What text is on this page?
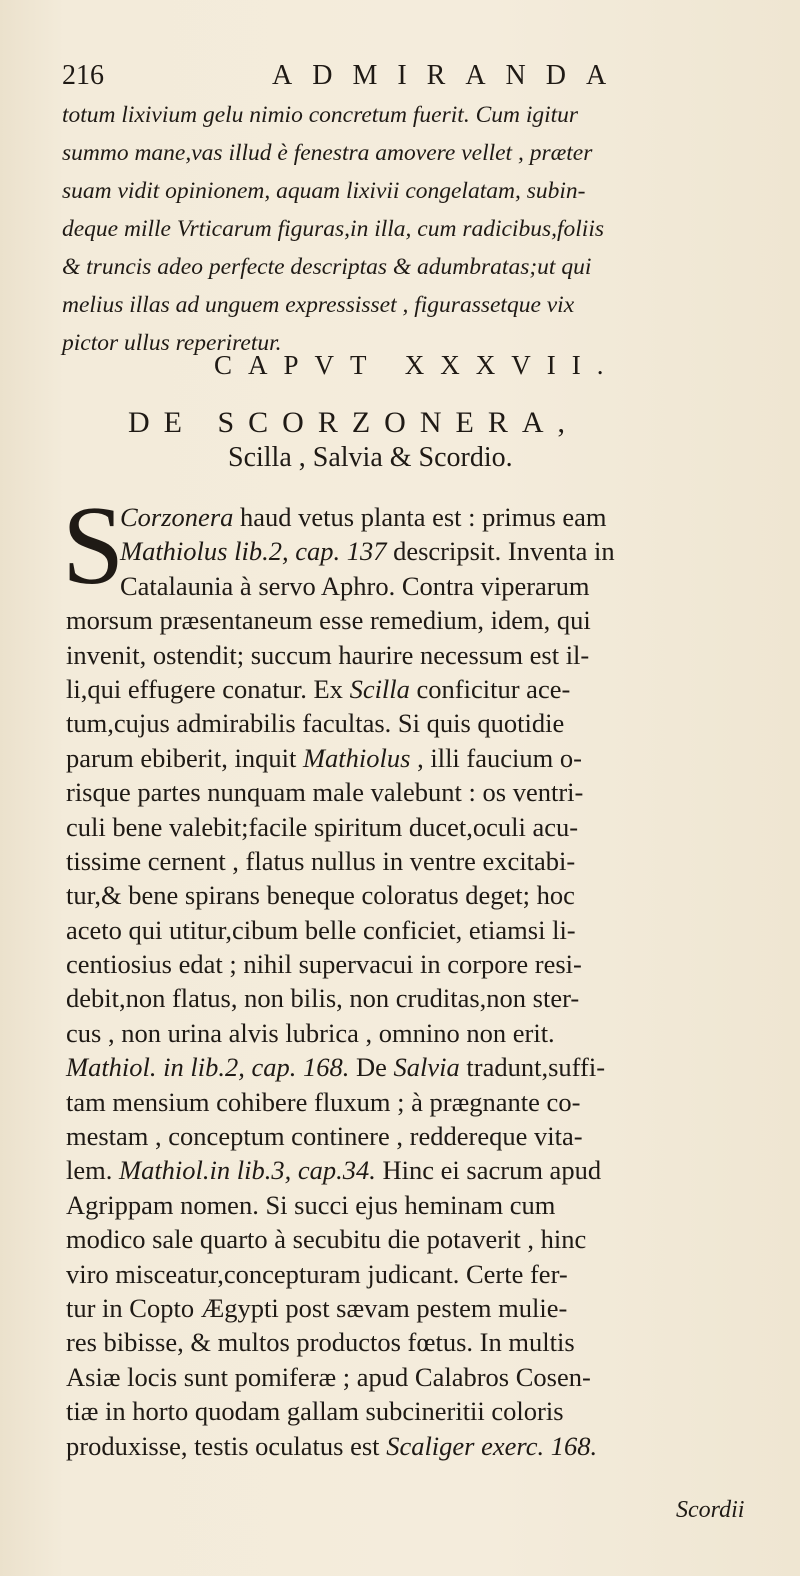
216	ADMIRANDA
totum lixivium gelu nimio concretum fuerit. Cum igitur
summo mane,vas illud è fenestra amovere vellet , præter
suam vidit opinionem, aquam lixivii congelatam, subin-
deque mille Vrticarum figuras,in illa, cum radicibus,foliis
& truncis adeo perfecte descriptas & adumbratas;ut qui
melius illas ad unguem expressisset , figurassetque vix
pictor ullus reperiretur.
CAPVT XXXVII.
DE SCORZONERA,
Scilla , Salvia & Scordio.
S
Corzonera haud vetus planta est : primus eam
Mathiolus lib.2, cap. 137 descripsit. Inventa in
Catalaunia à servo Aphro. Contra viperarum
morsum præsentaneum esse remedium, idem, qui
invenit, ostendit; succum haurire necessum est il-
li,qui effugere conatur. Ex Scilla conficitur ace-
tum,cujus admirabilis facultas. Si quis quotidie
parum ebiberit, inquit Mathiolus , illi faucium o-
risque partes nunquam male valebunt : os ventri-
culi bene valebit;facile spiritum ducet,oculi acu-
tissime cernent , flatus nullus in ventre excitabi-
tur,& bene spirans beneque coloratus deget; hoc
aceto qui utitur,cibum belle conficiet, etiamsi li-
centiosius edat ; nihil supervacui in corpore resi-
debit,non flatus, non bilis, non cruditas,non ster-
cus , non urina alvis lubrica , omnino non erit.
Mathiol. in lib.2, cap. 168. De Salvia tradunt,suffi-
tam mensium cohibere fluxum ; à prægnante co-
mestam , conceptum continere , reddereque vita-
lem. Mathiol.in lib.3, cap.34. Hinc ei sacrum apud
Agrippam nomen. Si succi ejus heminam cum
modico sale quarto à secubitu die potaverit , hinc
viro misceatur,concepturam judicant. Certe fer-
tur in Copto Ægypti post sævam pestem mulie-
res bibisse, & multos productos fœtus. In multis
Asiæ locis sunt pomiferæ ; apud Calabros Cosen-
tiæ in horto quodam gallam subcineritii coloris
produxisse, testis oculatus est Scaliger exerc. 168.
Scordii
